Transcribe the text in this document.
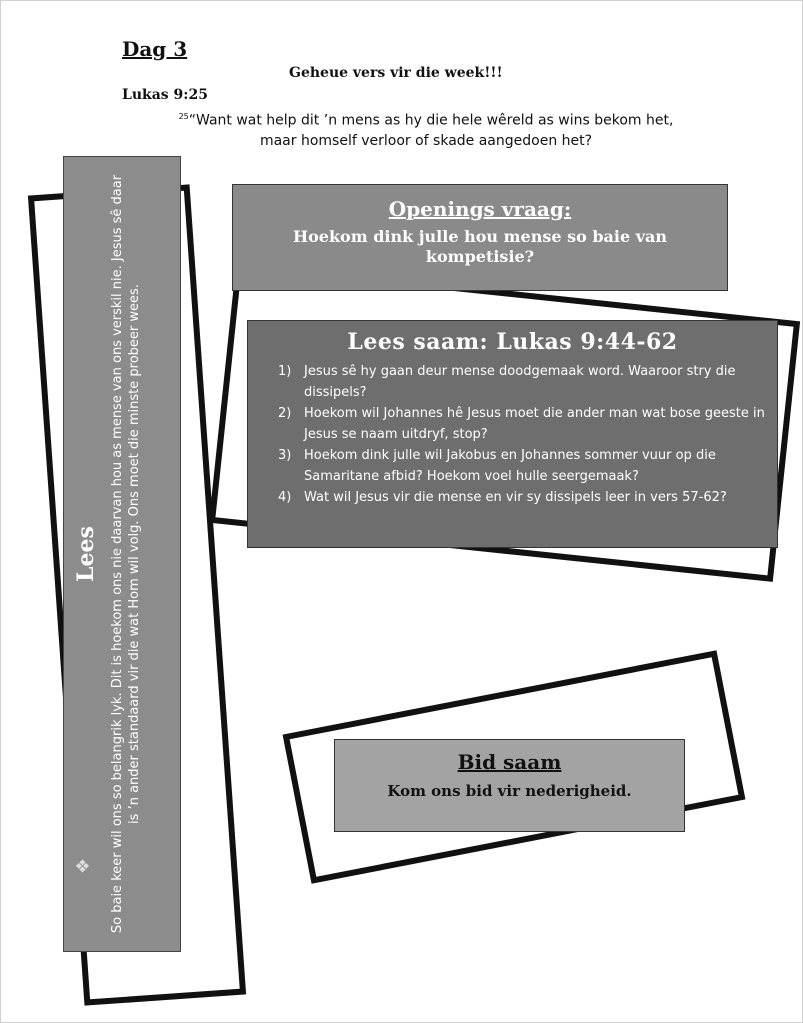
Dag 3
Geheue vers vir die week!!!
Lukas 9:25
$^{25}$“Want wat help dit ’n mens as hy die hele wêreld as wins bekom het, maar homself verloor of skade aangedoen het?
Lees So baie keer wil ons so belangrik lyk. Dit is hoekom ons nie daarvan hou as mense van ons verskil nie. Jesus sê daar is ’n ander standaard vir die wat Hom wil volg. Ons moet die minste probeer wees.
❖
Openings vraag:
Hoekom dink julle hou mense so baie van kompetisie?
Lees saam: Lukas 9:44-62
1) Jesus sê hy gaan deur mense doodgemaak word. Waaroor stry die dissipels?
2) Hoekom wil Johannes hê Jesus moet die ander man wat bose geeste in Jesus se naam uitdryf, stop?
3) Hoekom dink julle wil Jakobus en Johannes sommer vuur op die Samaritane afbid? Hoekom voel hulle seergemaak?
4) Wat wil Jesus vir die mense en vir sy dissipels leer in vers 57-62?
Bid saam
Kom ons bid vir nederigheid.
